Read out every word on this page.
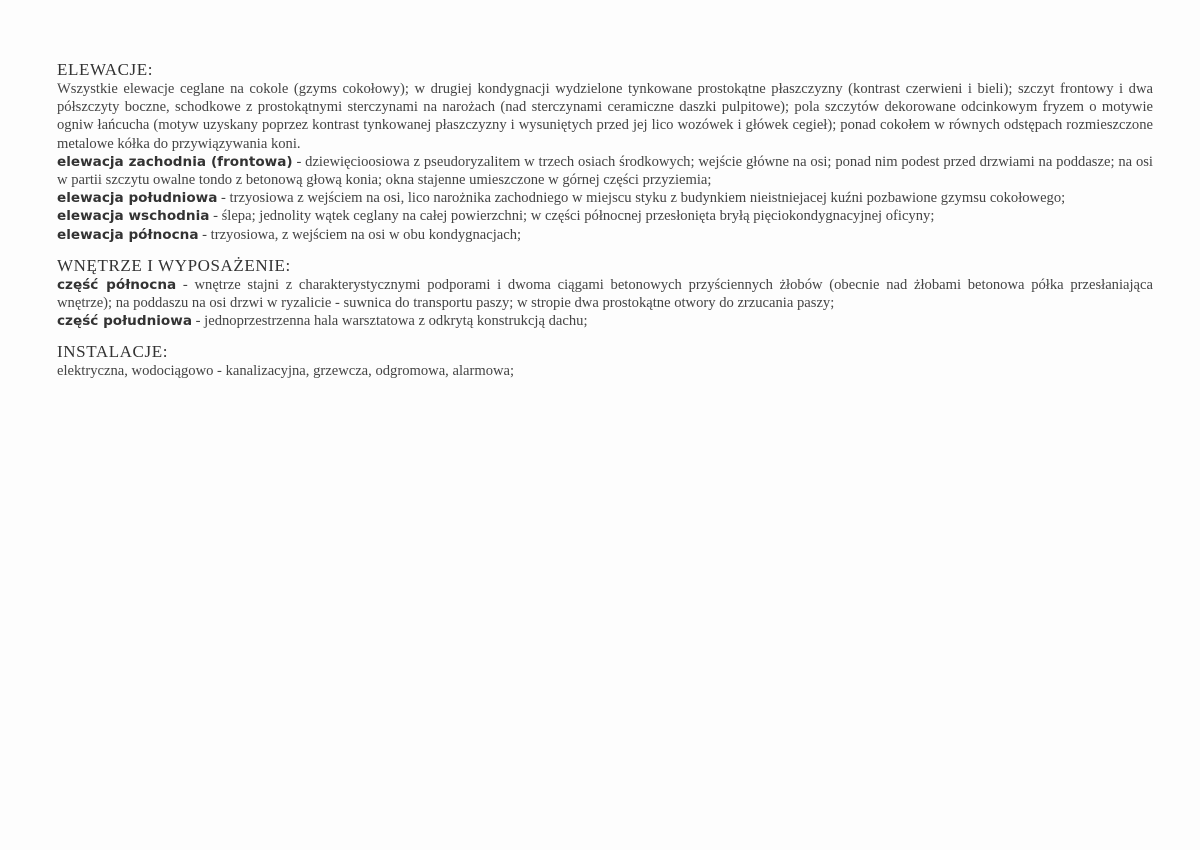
ELEWACJE:
Wszystkie elewacje ceglane na cokole (gzyms cokołowy); w drugiej kondygnacji wydzielone tynkowane prostokątne płaszczyzny (kontrast czerwieni i bieli); szczyt frontowy i dwa półszczyty boczne, schodkowe z prostokątnymi sterczynami na narożach (nad sterczynami ceramiczne daszki pulpitowe); pola szczytów dekorowane odcinkowym fryzem o motywie ogniw łańcucha (motyw uzyskany poprzez kontrast tynkowanej płaszczyzny i wysuniętych przed jej lico wozówek i główek cegieł); ponad cokołem w równych odstępach rozmieszczone metalowe kółka do przywiązywania koni.
elewacja zachodnia (frontowa) - dziewięcioosiowa z pseudoryzalitem w trzech osiach środkowych; wejście główne na osi; ponad nim podest przed drzwiami na poddasze; na osi w partii szczytu owalne tondo z betonową głową konia; okna stajenne umieszczone w górnej części przyziemia;
elewacja południowa - trzyosiowa z wejściem na osi, lico narożnika zachodniego w miejscu styku z budynkiem nieistniejacej kuźni pozbawione gzymsu cokołowego;
elewacja wschodnia - ślepa; jednolity wątek ceglany na całej powierzchni; w części północnej przesłonięta bryłą pięciokondygnacyjnej oficyny;
elewacja północna - trzyosiowa, z wejściem na osi w obu kondygnacjach;
WNĘTRZE I WYPOSAŻENIE:
część północna - wnętrze stajni z charakterystycznymi podporami i dwoma ciągami betonowych przyściennych żłobów (obecnie nad żłobami betonowa półka przesłaniająca wnętrze); na poddaszu na osi drzwi w ryzalicie - suwnica do transportu paszy; w stropie dwa prostokątne otwory do zrzucania paszy;
część południowa - jednoprzestrzenna hala warsztatowa z odkrytą konstrukcją dachu;
INSTALACJE:
elektryczna, wodociągowo - kanalizacyjna, grzewcza, odgromowa, alarmowa;
